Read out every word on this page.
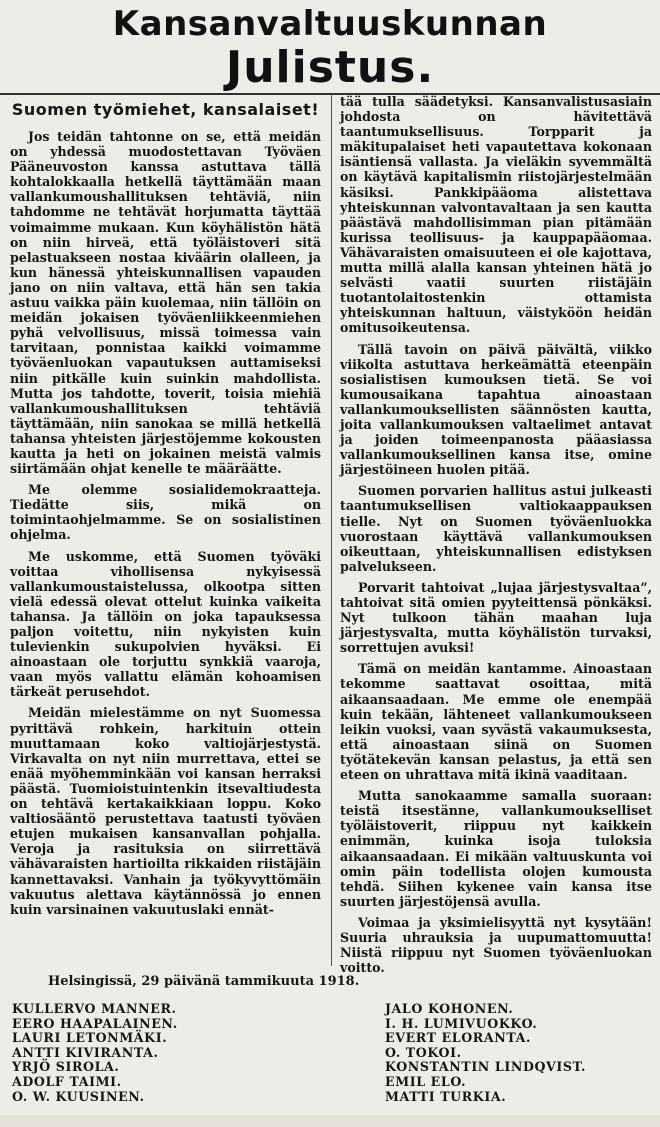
Kansanvaltuuskunnan
Julistus.
Suomen työmiehet, kansalaiset!

Jos teidän tahtonne on se, että meidän on yhdessä muodostettavan Työväen Pääneuvoston kanssa astuttava tällä kohtalokkaalla hetkellä täyttämään maan vallankumoushallituksen tehtäviä, niin tahdomme ne tehtävät horjumatta täyttää voimaimme mukaan. Kun köyhälistön hätä on niin hirveä, että työläistoveri sitä pelastuakseen nostaa kiväärin olalleen, ja kun hänessä yhteiskunnallisen vapauden jano on niin valtava, että hän sen takia astuu vaikka päin kuolemaa, niin tällöin on meidän jokaisen työväenliikkeenmiehen pyhä velvollisuus, missä toimessa vain tarvitaan, ponnistaa kaikki voimamme työväenluokan vapautuksen auttamiseksi niin pitkälle kuin suinkin mahdollista. Mutta jos tahdotte, toverit, toisia miehiä vallankumoushallituksen tehtäviä täyttämään, niin sanokaa se millä hetkellä tahansa yhteisten järjestöjemme kokousten kautta ja heti on jokainen meistä valmis siirtämään ohjat kenelle te määräätte.

Me olemme sosialidemokraatteja. Tiedätte siis, mikä on toimintaohjelmamme. Se on sosialistinen ohjelma.

Me uskomme, että Suomen työväki voittaa vihollisensa nykyisessä vallankumoustaistelussa, olkootpa sitten vielä edessä olevat ottelut kuinka vaikeita tahansa. Ja tällöin on joka tapauksessa paljon voitettu, niin nykyisten kuin tulevienkin sukupolvien hyväksi. Ei ainoastaan ole torjuttu synkkiä vaaroja, vaan myös vallattu elämän kohoamisen tärkeät perusehdot.

Meidän mielestämme on nyt Suomessa pyrittävä rohkein, harkituin ottein muuttamaan koko valtiojärjestystä. Virkavalta on nyt niin murrettava, ettei se enää myöhemminkään voi kansan herraksi päästä. Tuomioistuintenkin itsevaltiudesta on tehtävä kertakaikkiaan loppu. Koko valtiosääntö perustettava taatusti työväen etujen mukaisen kansanvallan pohjalla. Veroja ja rasituksia on siirrettävä vähävaraisten hartioilta rikkaiden riistäjäin kannettavaksi. Vanhain ja työkyvyttömäin vakuutus alettava käytännössä jo ennen kuin varsinainen vakuutuslaki ennät-

tää tulla säädetyksi. Kansanvalistusasiain johdosta on hävitettävä taantumuksellisuus. Torpparit ja mäkitupalaiset heti vapautettava kokonaan isäntiensä vallasta. Ja vieläkin syvemmältä on käytävä kapitalismin riistojärjestelmään käsiksi. Pankkipääoma alistettava yhteiskunnan valvontavaltaan ja sen kautta päästävä mahdollisimman pian pitämään kurissa teollisuus- ja kauppapääomaa. Vähävaraisten omaisuuteen ei ole kajottava, mutta millä alalla kansan yhteinen hätä jo selvästi vaatii suurten riistäjäin tuotantolaitostenkin ottamista yhteiskunnan haltuun, väistyköön heidän omitusoikeutensa.

Tällä tavoin on päivä päivältä, viikko viikolta astuttava herkeämättä eteenpäin sosialistisen kumouksen tietä. Se voi kumousaikana tapahtua ainoastaan vallankumouksellisten säännösten kautta, joita vallankumouksen valtaelimet antavat ja joiden toimeenpanosta pääasiassa vallankumouksellinen kansa itse, omine järjestöineen huolen pitää.

Suomen porvarien hallitus astui julkeasti taantumuksellisen valtiokaappauksen tielle. Nyt on Suomen työväenluokka vuorostaan käyttävä vallankumouksen oikeuttaan, yhteiskunnallisen edistyksen palvelukseen.

Porvarit tahtoivat „lujaa järjestysvaltaa”, tahtoivat sitä omien pyyteittensä pönkäksi. Nyt tulkoon tähän maahan luja järjestysvalta, mutta köyhälistön turvaksi, sorrettujen avuksi!

Tämä on meidän kantamme. Ainoastaan tekomme saattavat osoittaa, mitä aikaansaadaan. Me emme ole enempää kuin tekään, lähteneet vallankumoukseen leikin vuoksi, vaan syvästä vakaumuksesta, että ainoastaan siinä on Suomen työtätekevän kansan pelastus, ja että sen eteen on uhrattava mitä ikinä vaaditaan.

Mutta sanokaamme samalla suoraan: teistä itsestänne, vallankumoukselliset työläistoverit, riippuu nyt kaikkein enimmän, kuinka isoja tuloksia aikaansaadaan. Ei mikään valtuuskunta voi omin päin todellista olojen kumousta tehdä. Siihen kykenee vain kansa itse suurten järjestöjensä avulla.

Voimaa ja yksimielisyyttä nyt kysytään! Suuria uhrauksia ja uupumattomuutta! Niistä riippuu nyt Suomen työväenluokan voitto.

Helsingissä, 29 päivänä tammikuuta 1918.
KULLERVO MANNER.
EERO HAAPALAINEN.
LAURI LETONMÄKI.
ANTTI KIVIRANTA.
YRJÖ SIROLA.
ADOLF TAIMI.
O. W. KUUSINEN.
JALO KOHONEN.
I. H. LUMIVUOKKO.
EVERT ELORANTA.
O. TOKOI.
KONSTANTIN LINDQVIST.
EMIL ELO.
MATTI TURKIA.
